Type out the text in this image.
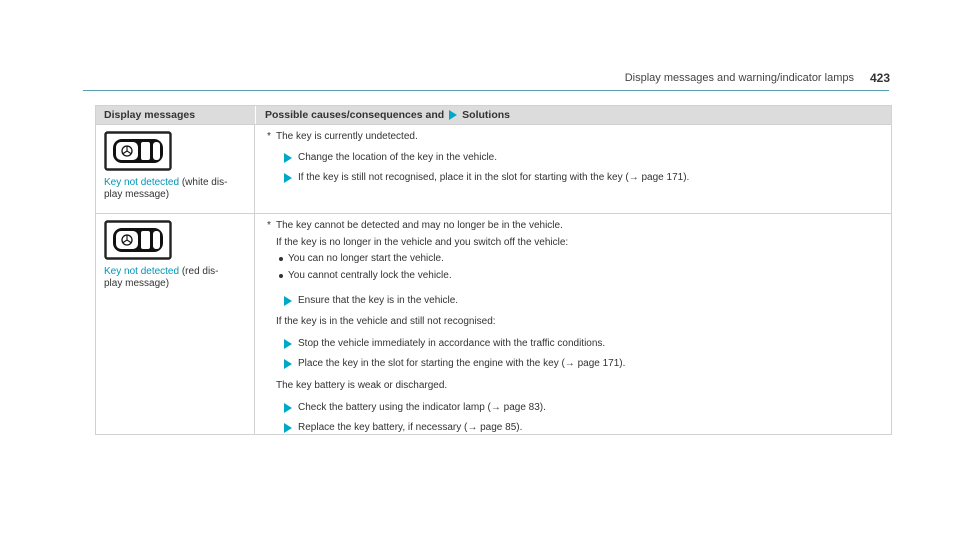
Display messages and warning/indicator lamps 423
Display messages	Possible causes/consequences and Solutions
Key not detected (white dis-
play message)
* The key is currently undetected.
Change the location of the key in the vehicle.
If the key is still not recognised, place it in the slot for starting with the key (→ page 171).
Key not detected (red dis-
play message)
* The key cannot be detected and may no longer be in the vehicle.
If the key is no longer in the vehicle and you switch off the vehicle:
You can no longer start the vehicle.
You cannot centrally lock the vehicle.
Ensure that the key is in the vehicle.
If the key is in the vehicle and still not recognised:
Stop the vehicle immediately in accordance with the traffic conditions.
Place the key in the slot for starting the engine with the key (→ page 171).
The key battery is weak or discharged.
Check the battery using the indicator lamp (→ page 83).
Replace the key battery, if necessary (→ page 85).
